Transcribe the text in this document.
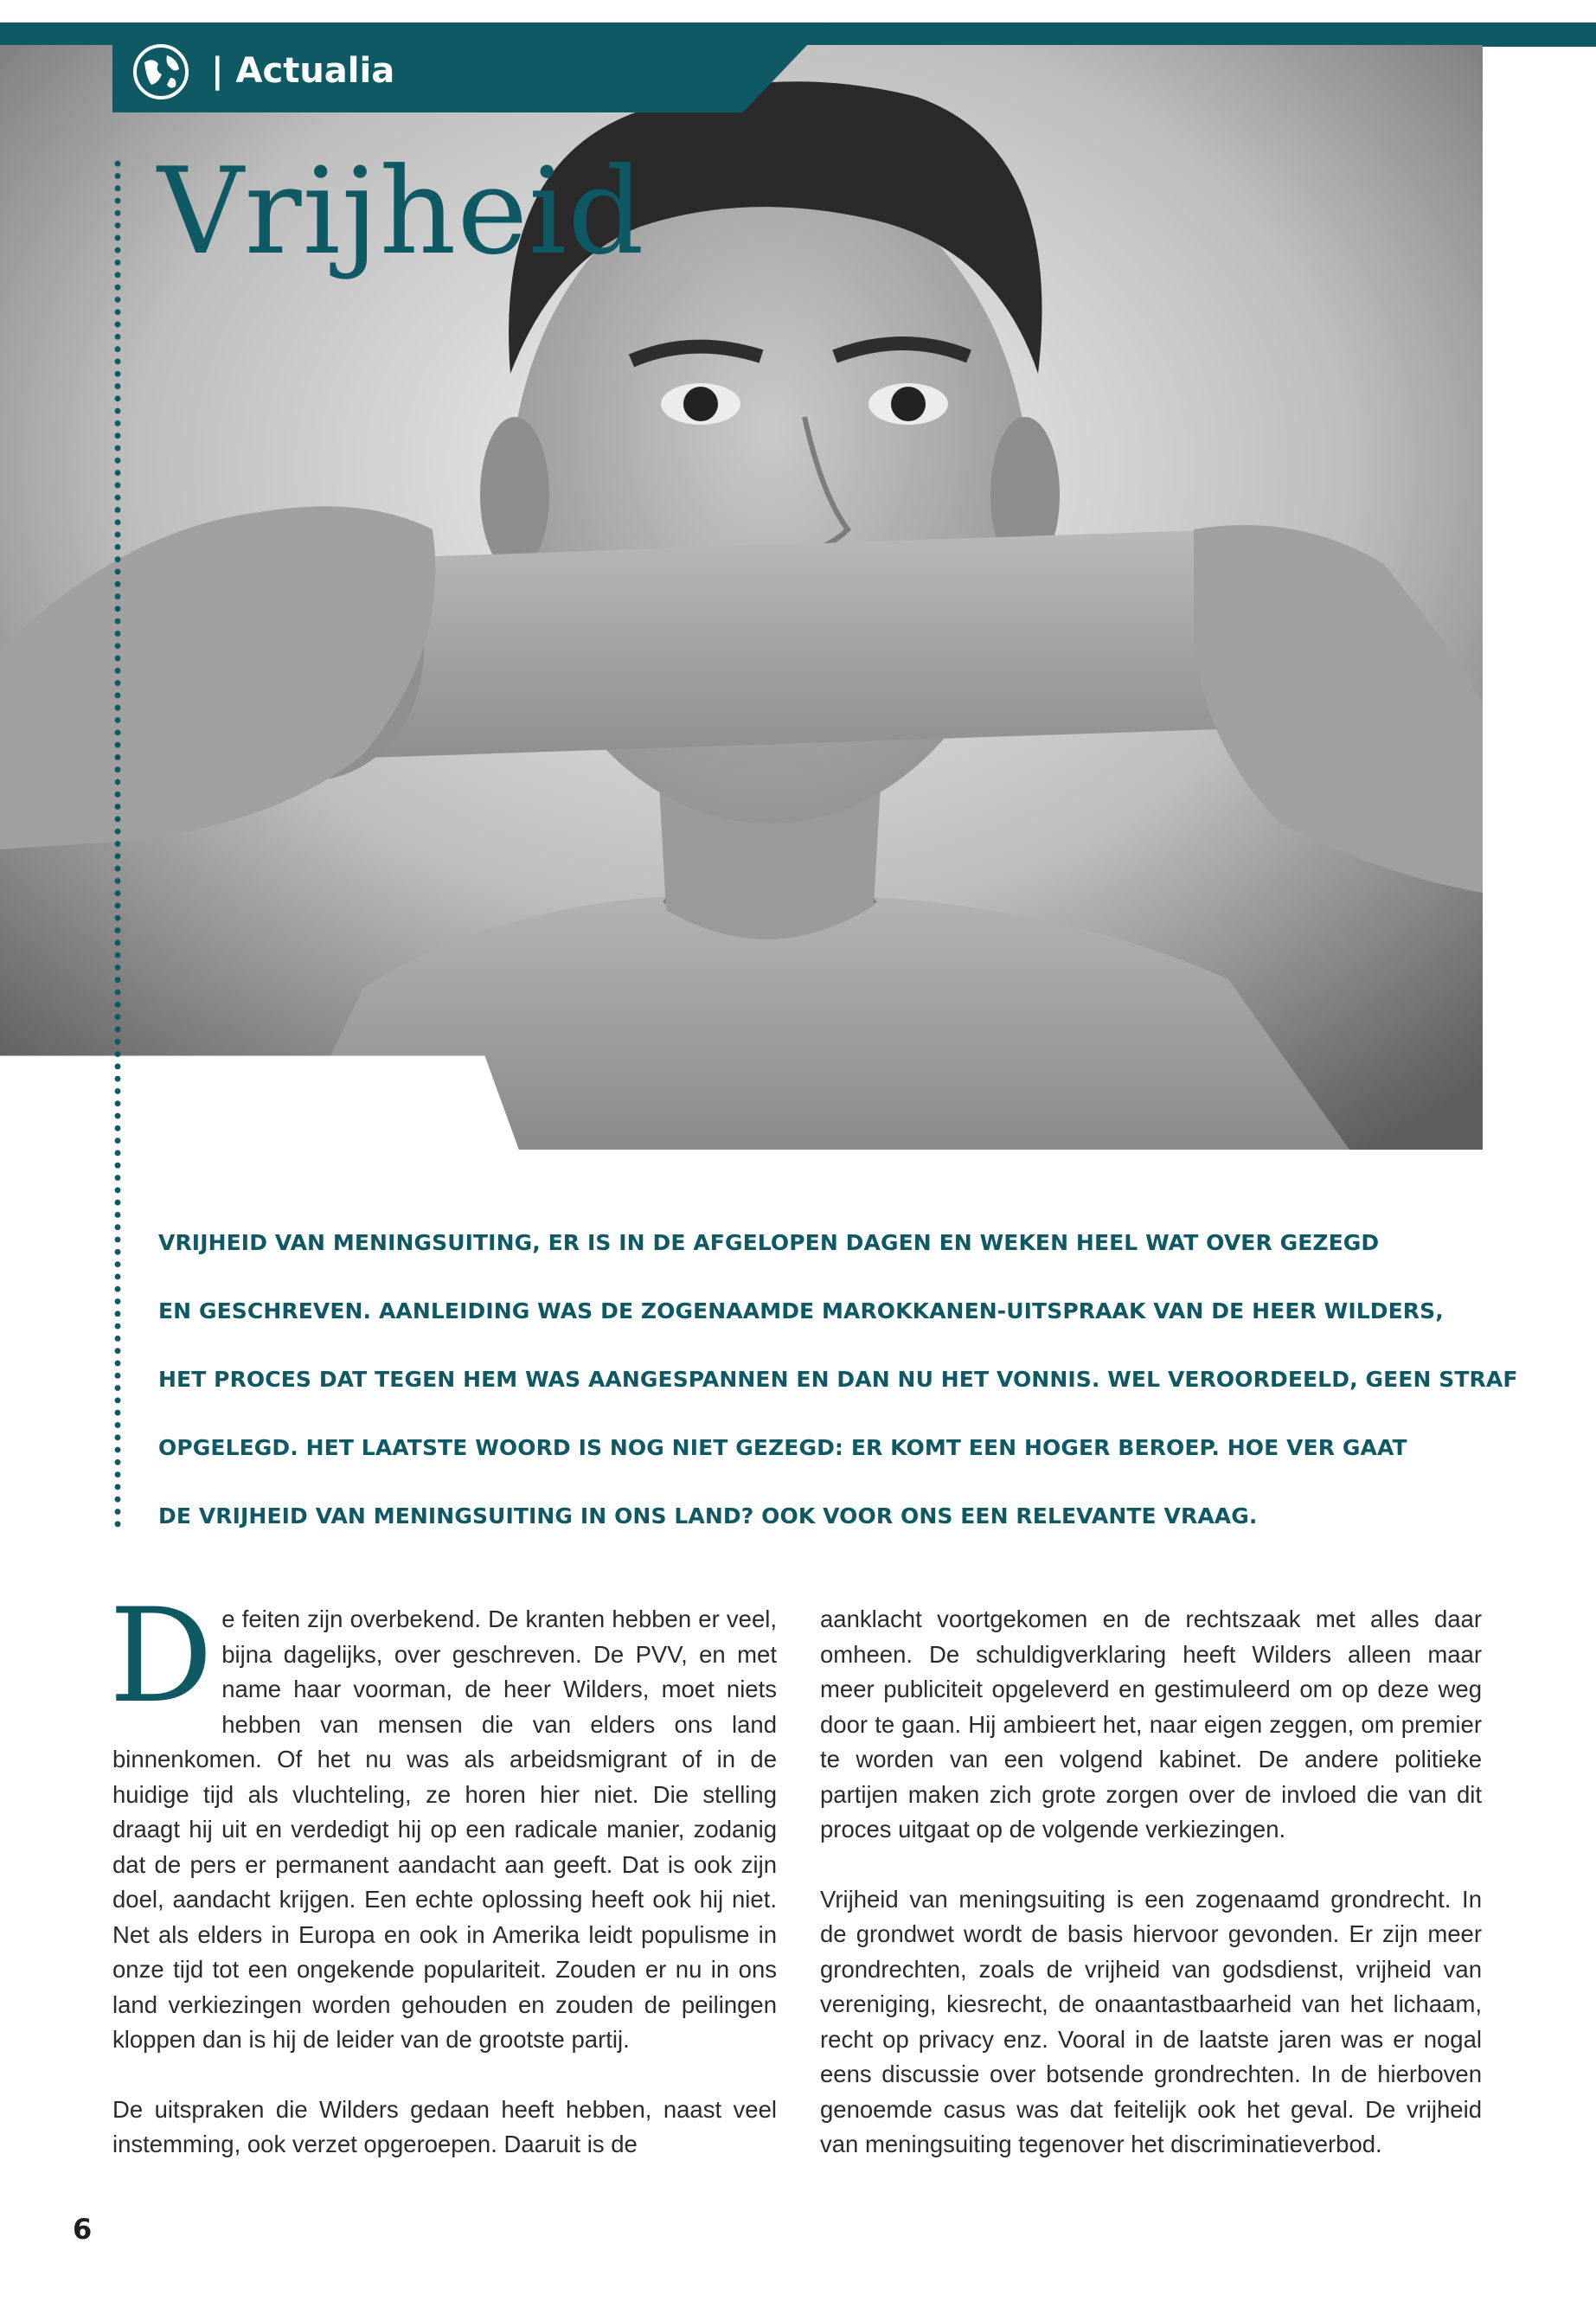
| Actualia
Vrijheid
VRIJHEID VAN MENINGSUITING, ER IS IN DE AFGELOPEN DAGEN EN WEKEN HEEL WAT OVER GEZEGD
EN GESCHREVEN. AANLEIDING WAS DE ZOGENAAMDE MAROKKANEN-UITSPRAAK VAN DE HEER WILDERS,
HET PROCES DAT TEGEN HEM WAS AANGESPANNEN EN DAN NU HET VONNIS. WEL VEROORDEELD, GEEN STRAF
OPGELEGD. HET LAATSTE WOORD IS NOG NIET GEZEGD: ER KOMT EEN HOGER BEROEP. HOE VER GAAT
DE VRIJHEID VAN MENINGSUITING IN ONS LAND? OOK VOOR ONS EEN RELEVANTE VRAAG.

De feiten zijn overbekend. De kranten hebben er veel, bijna dagelijks, over geschreven. De PVV, en met name haar voorman, de heer Wilders, moet niets hebben van mensen die van elders ons land binnenkomen. Of het nu was als arbeidsmigrant of in de huidige tijd als vluchteling, ze horen hier niet. Die stelling draagt hij uit en verdedigt hij op een radicale manier, zodanig dat de pers er permanent aandacht aan geeft. Dat is ook zijn doel, aandacht krijgen. Een echte oplossing heeft ook hij niet. Net als elders in Europa en ook in Amerika leidt populisme in onze tijd tot een ongekende populariteit. Zouden er nu in ons land verkiezingen worden gehouden en zouden de peilingen kloppen dan is hij de leider van de grootste partij.

De uitspraken die Wilders gedaan heeft hebben, naast veel instemming, ook verzet opgeroepen. Daaruit is de

aanklacht voortgekomen en de rechtszaak met alles daar omheen. De schuldigverklaring heeft Wilders alleen maar meer publiciteit opgeleverd en gestimuleerd om op deze weg door te gaan. Hij ambieert het, naar eigen zeggen, om premier te worden van een volgend kabinet. De andere politieke partijen maken zich grote zorgen over de invloed die van dit proces uitgaat op de volgende verkiezingen.

Vrijheid van meningsuiting is een zogenaamd grondrecht. In de grondwet wordt de basis hiervoor gevonden. Er zijn meer grondrechten, zoals de vrijheid van godsdienst, vrijheid van vereniging, kiesrecht, de onaantastbaarheid van het lichaam, recht op privacy enz. Vooral in de laatste jaren was er nogal eens discussie over botsende grondrechten. In de hierboven genoemde casus was dat feitelijk ook het geval. De vrijheid van meningsuiting tegenover het discriminatieverbod.

6
